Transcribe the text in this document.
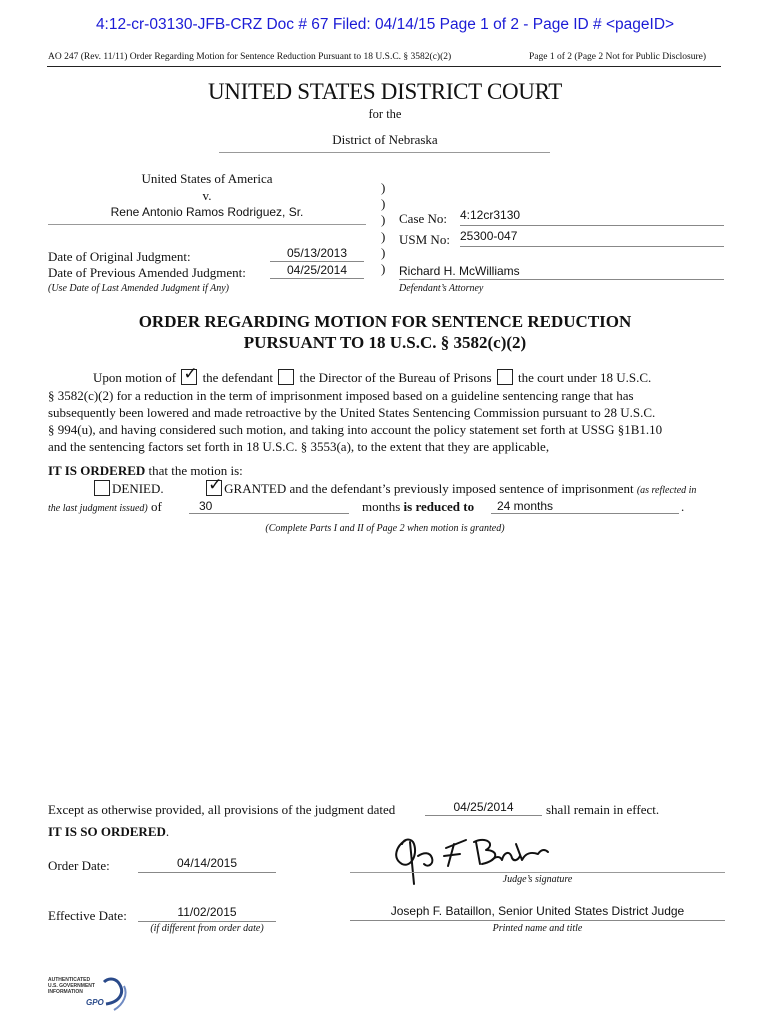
4:12-cr-03130-JFB-CRZ Doc # 67 Filed: 04/14/15 Page 1 of 2 - Page ID # <pageID>
AO 247 (Rev. 11/11) Order Regarding Motion for Sentence Reduction Pursuant to 18 U.S.C. § 3582(c)(2)	Page 1 of 2 (Page 2 Not for Public Disclosure)
UNITED STATES DISTRICT COURT
for the
District of Nebraska
United States of America
v.
Rene Antonio Ramos Rodriguez, Sr.
Date of Original Judgment:	05/13/2013
Date of Previous Amended Judgment:	04/25/2014
(Use Date of Last Amended Judgment if Any)
)
)
)
)
)
)
Case No: 4:12cr3130
USM No: 25300-047
Richard H. McWilliams
Defendant’s Attorney
ORDER REGARDING MOTION FOR SENTENCE REDUCTION
PURSUANT TO 18 U.S.C. § 3582(c)(2)
Upon motion of ✓ the defendant the Director of the Bureau of Prisons the court under 18 U.S.C.
§ 3582(c)(2) for a reduction in the term of imprisonment imposed based on a guideline sentencing range that has
subsequently been lowered and made retroactive by the United States Sentencing Commission pursuant to 28 U.S.C.
§ 994(u), and having considered such motion, and taking into account the policy statement set forth at USSG §1B1.10
and the sentencing factors set forth in 18 U.S.C. § 3553(a), to the extent that they are applicable,
IT IS ORDERED that the motion is:
DENIED.	✓ GRANTED and the defendant’s previously imposed sentence of imprisonment (as reflected in
the last judgment issued) of	30	months is reduced to	24 months	.
(Complete Parts I and II of Page 2 when motion is granted)
Except as otherwise provided, all provisions of the judgment dated	04/25/2014	shall remain in effect.
IT IS SO ORDERED.
Order Date:	04/14/2015
Judge’s signature
Effective Date:	11/02/2015
(if different from order date)
Joseph F. Bataillon, Senior United States District Judge
Printed name and title
AUTHENTICATED
U.S. GOVERNMENT
INFORMATION
GPO
